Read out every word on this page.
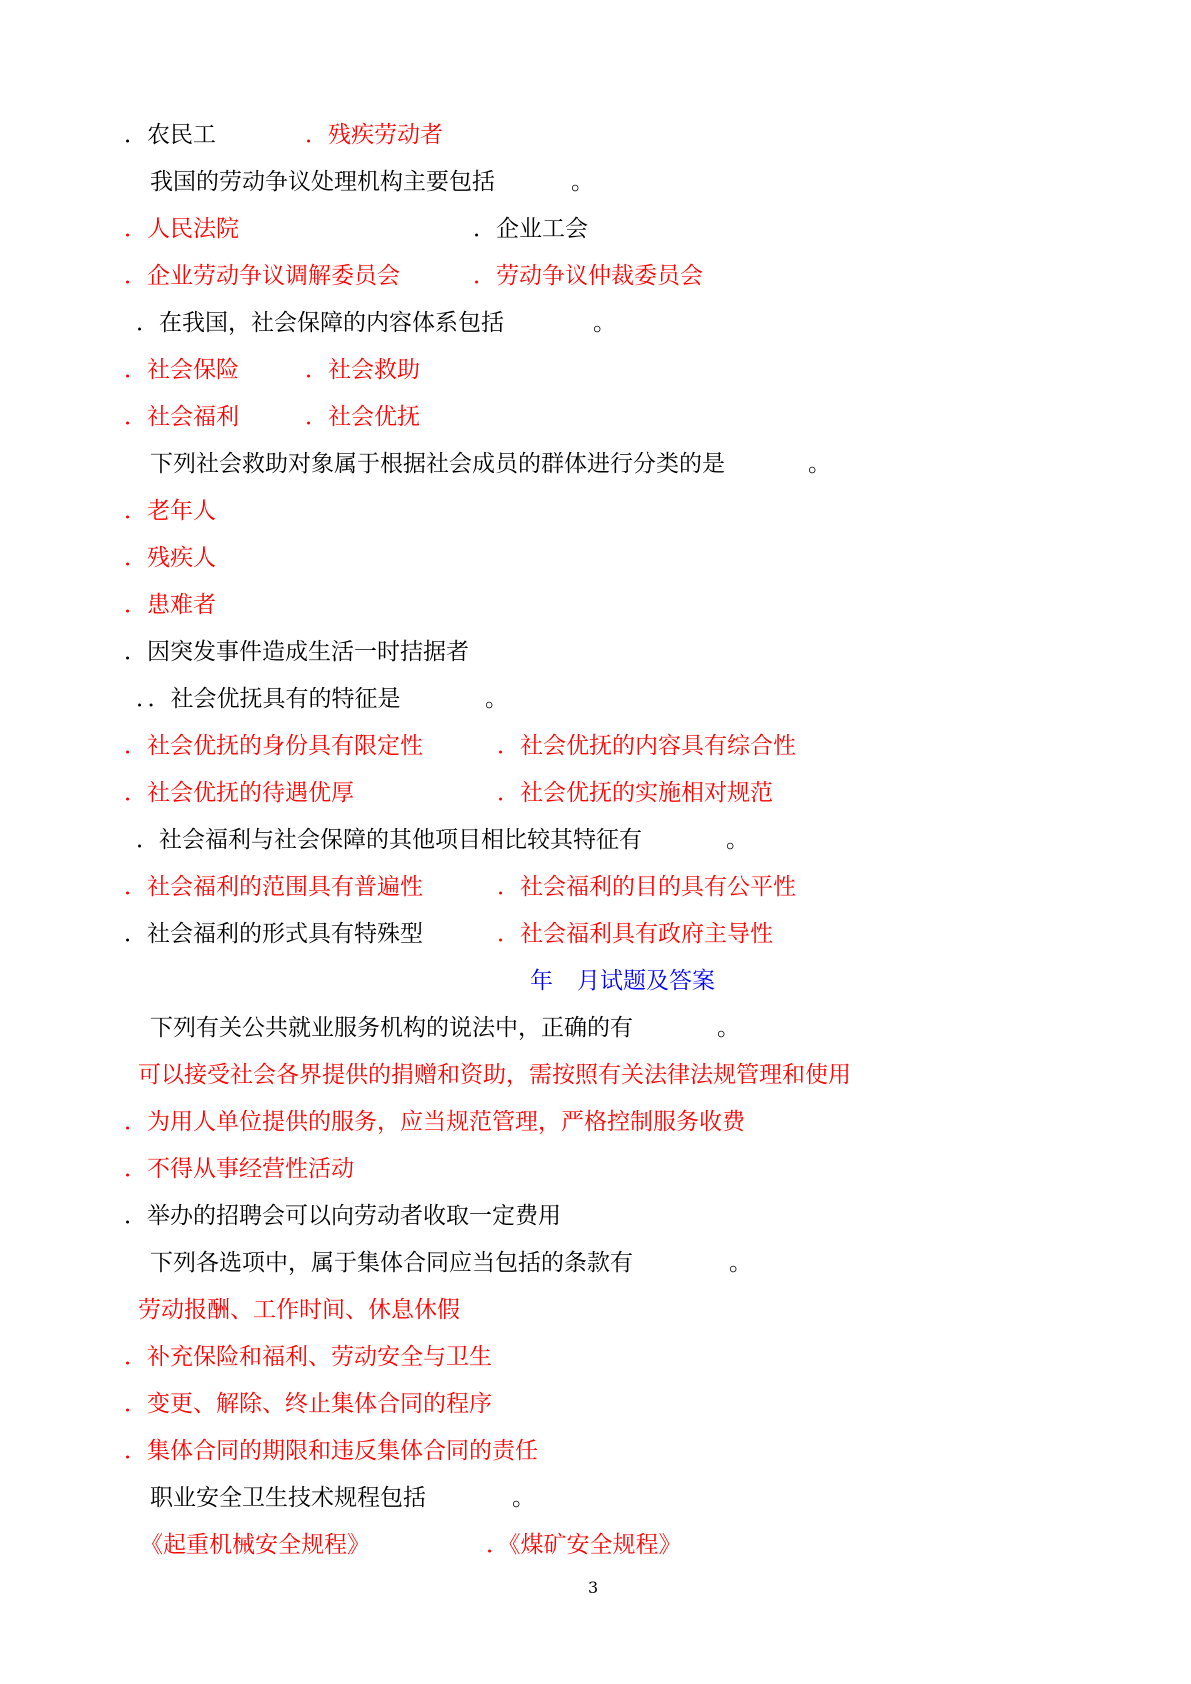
．农民工	．残疾劳动者
我国的劳动争议处理机构主要包括	。
．人民法院	．企业工会
．企业劳动争议调解委员会	．劳动争议仲裁委员会
．在我国，社会保障的内容体系包括	。
．社会保险	．社会救助
．社会福利	．社会优抚
下列社会救助对象属于根据社会成员的群体进行分类的是	。
．老年人
．残疾人
．患难者
．因突发事件造成生活一时拮据者
．．社会优抚具有的特征是	。
．社会优抚的身份具有限定性	．社会优抚的内容具有综合性
．社会优抚的待遇优厚	．社会优抚的实施相对规范
．社会福利与社会保障的其他项目相比较其特征有	。
．社会福利的范围具有普遍性	．社会福利的目的具有公平性
．社会福利的形式具有特殊型	．社会福利具有政府主导性
年 月试题及答案
下列有关公共就业服务机构的说法中，正确的有	。
可以接受社会各界提供的捐赠和资助，需按照有关法律法规管理和使用
．为用人单位提供的服务，应当规范管理，严格控制服务收费
．不得从事经营性活动
．举办的招聘会可以向劳动者收取一定费用
下列各选项中，属于集体合同应当包括的条款有	。
劳动报酬、工作时间、休息休假
．补充保险和福利、劳动安全与卫生
．变更、解除、终止集体合同的程序
．集体合同的期限和违反集体合同的责任
职业安全卫生技术规程包括	。
《起重机械安全规程》	．《煤矿安全规程》
3
